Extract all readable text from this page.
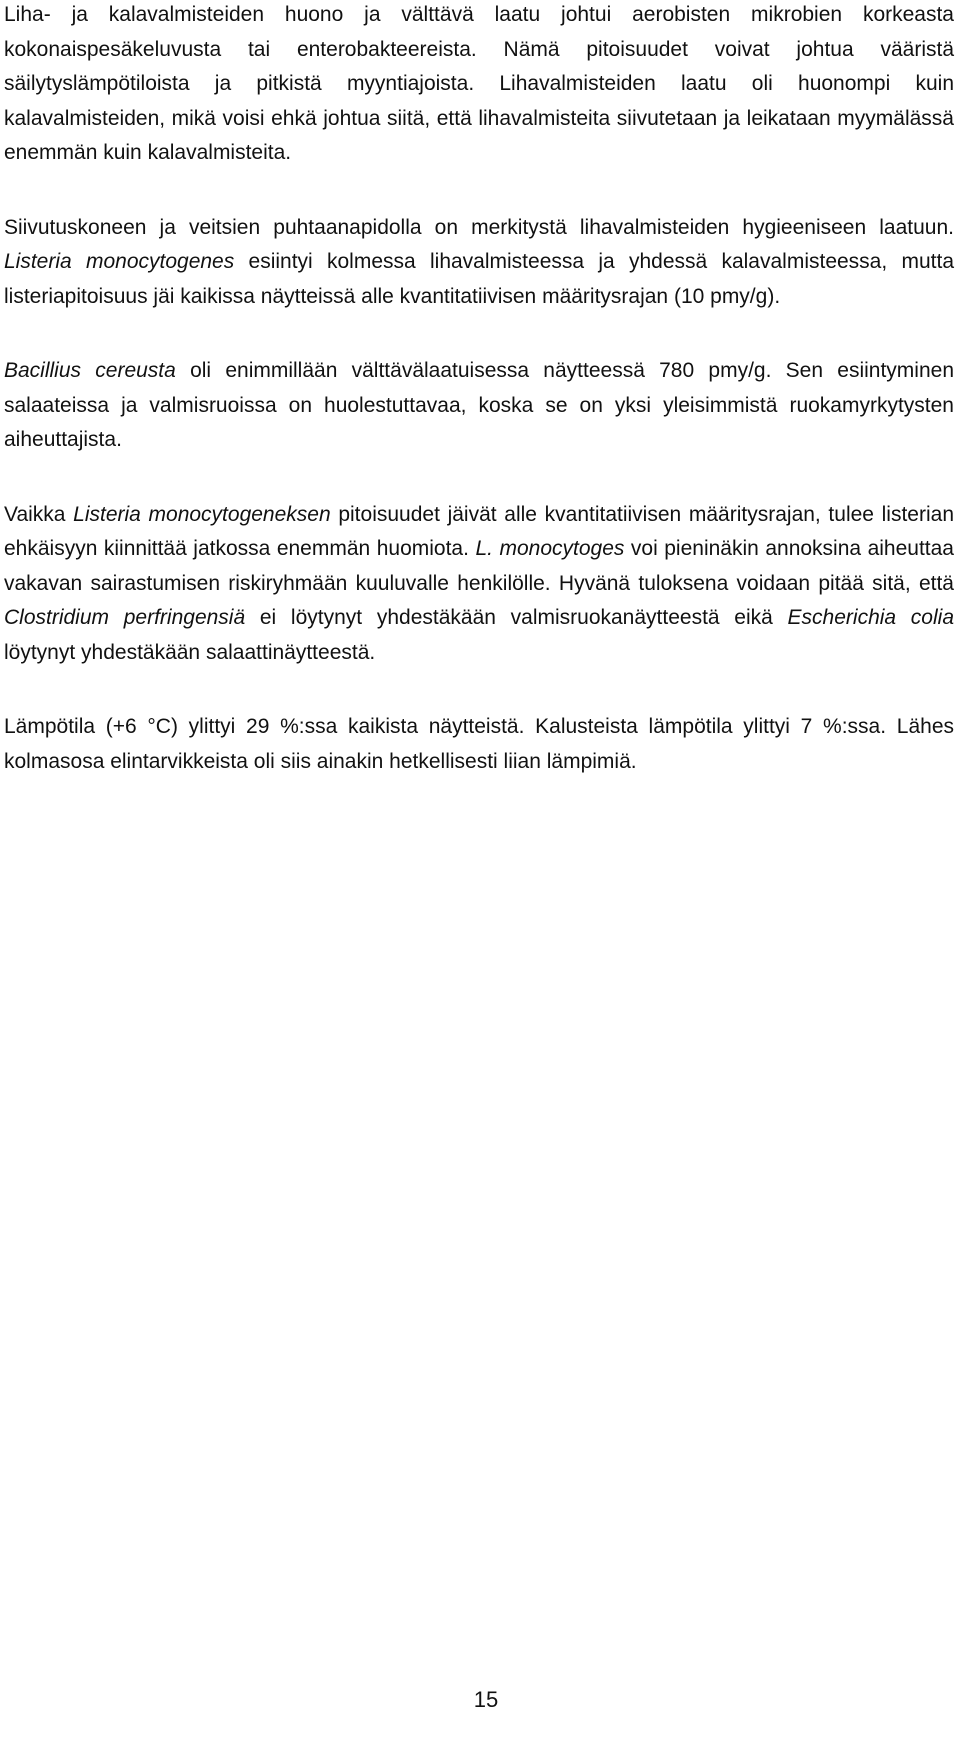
Liha- ja kalavalmisteiden huono ja välttävä laatu johtui aerobisten mikrobien korkeasta kokonaispesäkeluvusta tai enterobakteereista. Nämä pitoisuudet voivat johtua vääristä säilytyslämpötiloista ja pitkistä myyntiajoista. Lihavalmisteiden laatu oli huonompi kuin kalavalmisteiden, mikä voisi ehkä johtua siitä, että lihavalmisteita siivutetaan ja leikataan myymälässä enemmän kuin kalavalmisteita.

Siivutuskoneen ja veitsien puhtaanapidolla on merkitystä lihavalmisteiden hygieeniseen laatuun. Listeria monocytogenes esiintyi kolmessa lihavalmisteessa ja yhdessä kalavalmisteessa, mutta listeriapitoisuus jäi kaikissa näytteissä alle kvantitatiivisen määritysrajan (10 pmy/g).

Bacillius cereusta oli enimmillään välttävälaatuisessa näytteessä 780 pmy/g. Sen esiintyminen salaateissa ja valmisruoissa on huolestuttavaa, koska se on yksi yleisimmistä ruokamyrkytysten aiheuttajista.

Vaikka Listeria monocytogeneksen pitoisuudet jäivät alle kvantitatiivisen määritysrajan, tulee listerian ehkäisyyn kiinnittää jatkossa enemmän huomiota. L. monocytoges voi pieninäkin annoksina aiheuttaa vakavan sairastumisen riskiryhmään kuuluvalle henkilölle. Hyvänä tuloksena voidaan pitää sitä, että Clostridium perfringensiä ei löytynyt yhdestäkään valmisruokanäytteestä eikä Escherichia colia löytynyt yhdestäkään salaattinäytteestä.

Lämpötila (+6 °C) ylittyi 29 %:ssa kaikista näytteistä. Kalusteista lämpötila ylittyi 7 %:ssa. Lähes kolmasosa elintarvikkeista oli siis ainakin hetkellisesti liian lämpimiä.

15
